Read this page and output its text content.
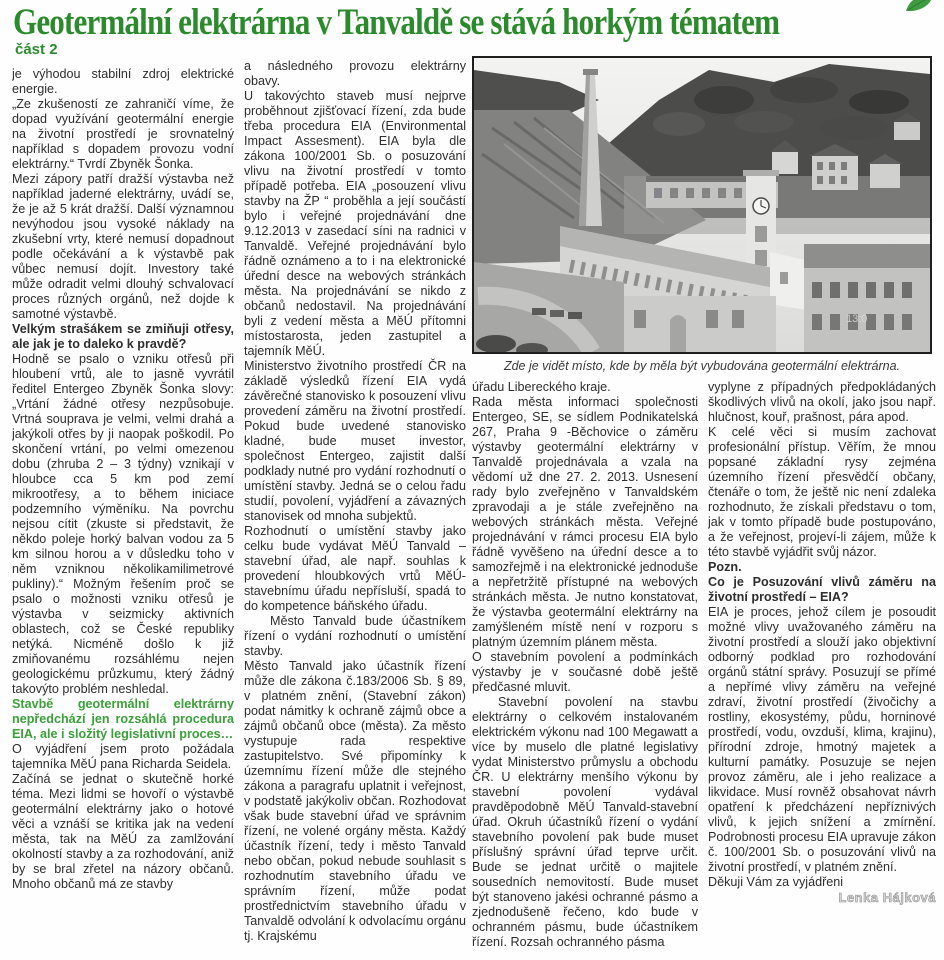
Geotermální elektrárna v Tanvaldě se stává horkým tématem
část 2

je výhodou stabilní zdroj elektrické energie.

„Ze zkušeností ze zahraničí víme, že dopad využívání geotermální energie na životní prostředí je srovnatelný například s dopadem provozu vodní elektrárny.“ Tvrdí Zbyněk Šonka.

Mezi zápory patří dražší výstavba než například jaderné elektrárny, uvádí se, že je až 5 krát dražší. Další významnou nevýhodou jsou vysoké náklady na zkušební vrty, které nemusí dopadnout podle očekávání a k výstavbě pak vůbec nemusí dojít. Investory také může odradit velmi dlouhý schvalovací proces různých orgánů, než dojde k samotné výstavbě.

Velkým strašákem se zmiňuji otřesy, ale jak je to daleko k pravdě?

Hodně se psalo o vzniku otřesů při hloubení vrtů, ale to jasně vyvrátil ředitel Entergeo Zbyněk Šonka slovy: „Vrtání žádné otřesy nezpůsobuje. Vrtná souprava je velmi, velmi drahá a jakýkoli otřes by ji naopak poškodil. Po skončení vrtání, po velmi omezenou dobu (zhruba 2 – 3 týdny) vznikají v hloubce cca 5 km pod zemí mikrootřesy, a to během iniciace podzemního výměníku. Na povrchu nejsou cítit (zkuste si představit, že někdo poleje horký balvan vodou za 5 km silnou horou a v důsledku toho v něm vzniknou několikamilimetrové pukliny).“ Možným řešením proč se psalo o možnosti vzniku otřesů je výstavba v seizmicky aktivních oblastech, což se České republiky netýká. Nicméně došlo k již zmiňovanému rozsáhlému nejen geologickému průzkumu, který žádný takovýto problém neshledal.

Stavbě geotermální elektrárny nepředchází jen rozsáhlá procedura EIA, ale i složitý legislativní proces…

O vyjádření jsem proto požádala tajemníka MěÚ pana Richarda Seidela.

Začíná se jednat o skutečně horké téma. Mezi lidmi se hovoří o výstavbě geotermální elektrárny jako o hotové věci a vznáší se kritika jak na vedení města, tak na MěÚ za zamlžování okolností stavby a za rozhodování, aniž by se bral zřetel na názory občanů. Mnoho občanů má ze stavby

a následného provozu elektrárny obavy.

U takovýchto staveb musí nejprve proběhnout zjišťovací řízení, zda bude třeba procedura EIA (Environmental Impact Assesment). EIA byla dle zákona 100/2001 Sb. o posuzování vlivu na životní prostředí v tomto případě potřeba. EIA „posouzení vlivu stavby na ŽP “ proběhla a její součástí bylo i veřejné projednávání dne 9.12.2013 v zasedací síni na radnici v Tanvaldě. Veřejné projednávání bylo řádně oznámeno a to i na elektronické úřední desce na webových stránkách města. Na projednávání se nikdo z občanů nedostavil. Na projednávání byli z vedení města a MěÚ přítomni místostarosta, jeden zastupitel a tajemník MěÚ.

Ministerstvo životního prostředí ČR na základě výsledků řízení EIA vydá závěrečné stanovisko k posouzení vlivu provedení záměru na životní prostředí. Pokud bude uvedené stanovisko kladné, bude muset investor, společnost Entergeo, zajistit další podklady nutné pro vydání rozhodnutí o umístění stavby. Jedná se o celou řadu studií, povolení, vyjádření a závazných stanovisek od mnoha subjektů.

Rozhodnutí o umístění stavby jako celku bude vydávat MěÚ Tanvald – stavební úřad, ale např. souhlas k provedení hloubkových vrtů MěÚ-stavebnímu úřadu nepřísluší, spadá to do kompetence báňského úřadu.

Město Tanvald bude účastníkem řízení o vydání rozhodnutí o umístění stavby.

Město Tanvald jako účastník řízení může dle zákona č.183/2006 Sb. § 89, v platném znění, (Stavební zákon) podat námitky k ochraně zájmů obce a zájmů občanů obce (města). Za město vystupuje rada respektive zastupitelstvo. Své připomínky k územnímu řízení může dle stejného zákona a paragrafu uplatnit i veřejnost, v podstatě jakýkoliv občan. Rozhodovat však bude stavební úřad ve správnim řízení, ne volené orgány města. Každý účastník řízení, tedy i město Tanvald nebo občan, pokud nebude souhlasit s rozhodnutím stavebního úřadu ve správním řízení, může podat prostřednictvím stavebního úřadu v Tanvaldě odvolání k odvolacímu orgánu tj. Krajskému

13:0
Zde je vidět místo, kde by měla být vybudována geotermální elektrárna.

úřadu Libereckého kraje.

Rada města informaci společnosti Entergeo, SE, se sídlem Podnikatelská 267, Praha 9 -Běchovice o záměru výstavby geotermální elektrárny v Tanvaldě projednávala a vzala na vědomí už dne 27. 2. 2013. Usnesení rady bylo zveřejněno v Tanvaldském zpravodaji a je stále zveřejněno na webových stránkách města. Veřejné projednávání v rámci procesu EIA bylo řádně vyvěšeno na úřední desce a to samozřejmě i na elektronické jednoduše a nepřetržitě přístupné na webových stránkách města. Je nutno konstatovat, že výstavba geotermální elektrárny na zamýšleném místě není v rozporu s platným územním plánem města.

O stavebním povolení a podmínkách výstavby je v současné době ještě předčasné mluvit.

Stavební povolení na stavbu elektrárny o celkovém instalovaném elektrickém výkonu nad 100 Megawatt a více by muselo dle platné legislativy vydat Ministerstvo průmyslu a obchodu ČR. U elektrárny menšího výkonu by stavební povolení vydával pravděpodobně MěÚ Tanvald-stavební úřad. Okruh účastníků řízení o vydání stavebního povolení pak bude muset příslušný správní úřad teprve určit. Bude se jednat určitě o majitele sousedních nemovitostí. Bude muset být stanoveno jakési ochranné pásmo a zjednodušeně řečeno, kdo bude v ochranném pásmu, bude účastníkem řízení. Rozsah ochranného pásma

vyplyne z případných předpokládaných škodlivých vlivů na okolí, jako jsou např. hlučnost, kouř, prašnost, pára apod.

K celé věci si musím zachovat profesionální přístup. Věřím, že mnou popsané základní rysy zejména územního řízení přesvědčí občany, čtenáře o tom, že ještě nic není zdaleka rozhodnuto, že získali představu o tom, jak v tomto případě bude postupováno, a že veřejnost, projeví-li zájem, může k této stavbě vyjádřit svůj názor.

Pozn.

Co je Posuzování vlivů záměru na životní prostředí – EIA?

EIA je proces, jehož cílem je posoudit možné vlivy uvažovaného záměru na životní prostředí a slouží jako objektivní odborný podklad pro rozhodování orgánů státní správy. Posuzují se přímé a nepřímé vlivy záměru na veřejné zdraví, životní prostředí (živočichy a rostliny, ekosystémy, půdu, horninové prostředí, vodu, ovzduší, klima, krajinu), přírodní zdroje, hmotný majetek a kulturní památky. Posuzuje se nejen provoz záměru, ale i jeho realizace a likvidace. Musí rovněž obsahovat návrh opatření k předcházení nepříznivých vlivů, k jejich snížení a zmírnění. Podrobnosti procesu EIA upravuje zákon č. 100/2001 Sb. o posuzování vlivů na životní prostředí, v platném znění.

Děkuji Vám za vyjádřeni

Lenka Hájková
